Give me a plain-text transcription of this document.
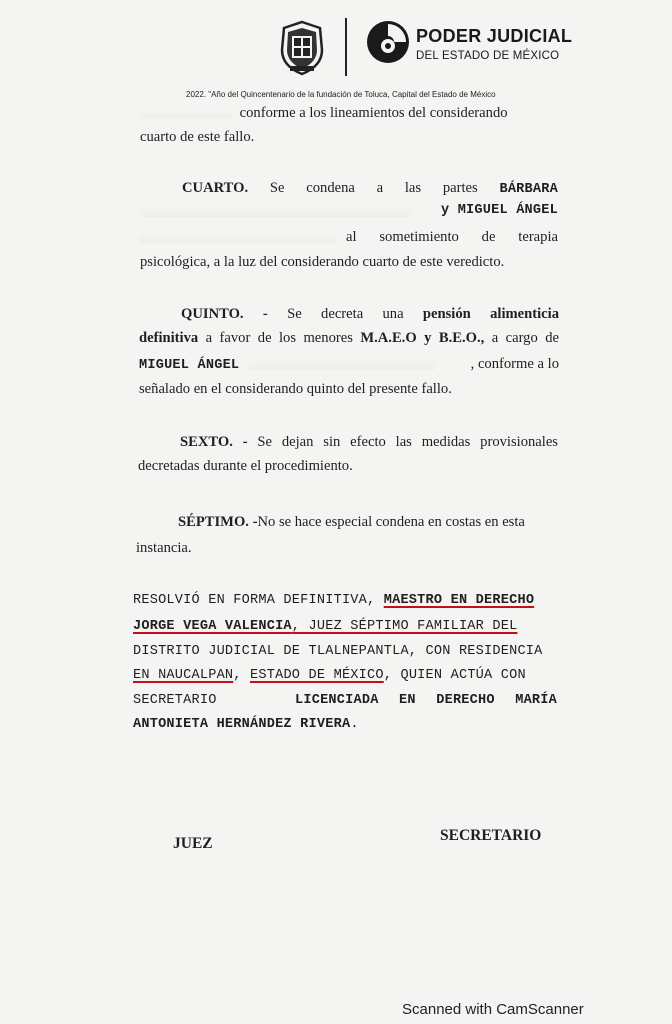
PODER JUDICIAL
DEL ESTADO DE MÉXICO
2022. "Año del Quincentenario de la fundación de Toluca, Capital del Estado de México
conforme a los lineamientos del considerando
cuarto de este fallo.
CUARTO. Se condena a las partes BÁRBARA
y MIGUEL ÁNGEL
al sometimiento de terapia
psicológica, a la luz del considerando cuarto de este veredicto.
QUINTO. - Se decreta una pensión alimenticia
definitiva a favor de los menores M.A.E.O y B.E.O., a cargo de
MIGUEL ÁNGEL	, conforme a lo
señalado en el considerando quinto del presente fallo.
SEXTO. - Se dejan sin efecto las medidas provisionales
decretadas durante el procedimiento.
SÉPTIMO. -No se hace especial condena en costas en esta
instancia.
RESOLVIÓ EN FORMA DEFINITIVA, MAESTRO EN DERECHO
JORGE VEGA VALENCIA, JUEZ SÉPTIMO FAMILIAR DEL
DISTRITO JUDICIAL DE TLALNEPANTLA, CON RESIDENCIA
EN NAUCALPAN, ESTADO DE MÉXICO, QUIEN ACTÚA CON
SECRETARIO	LICENCIADA EN DERECHO MARÍA
ANTONIETA HERNÁNDEZ RIVERA.
JUEZ	SECRETARIO
Scanned with CamScanner
